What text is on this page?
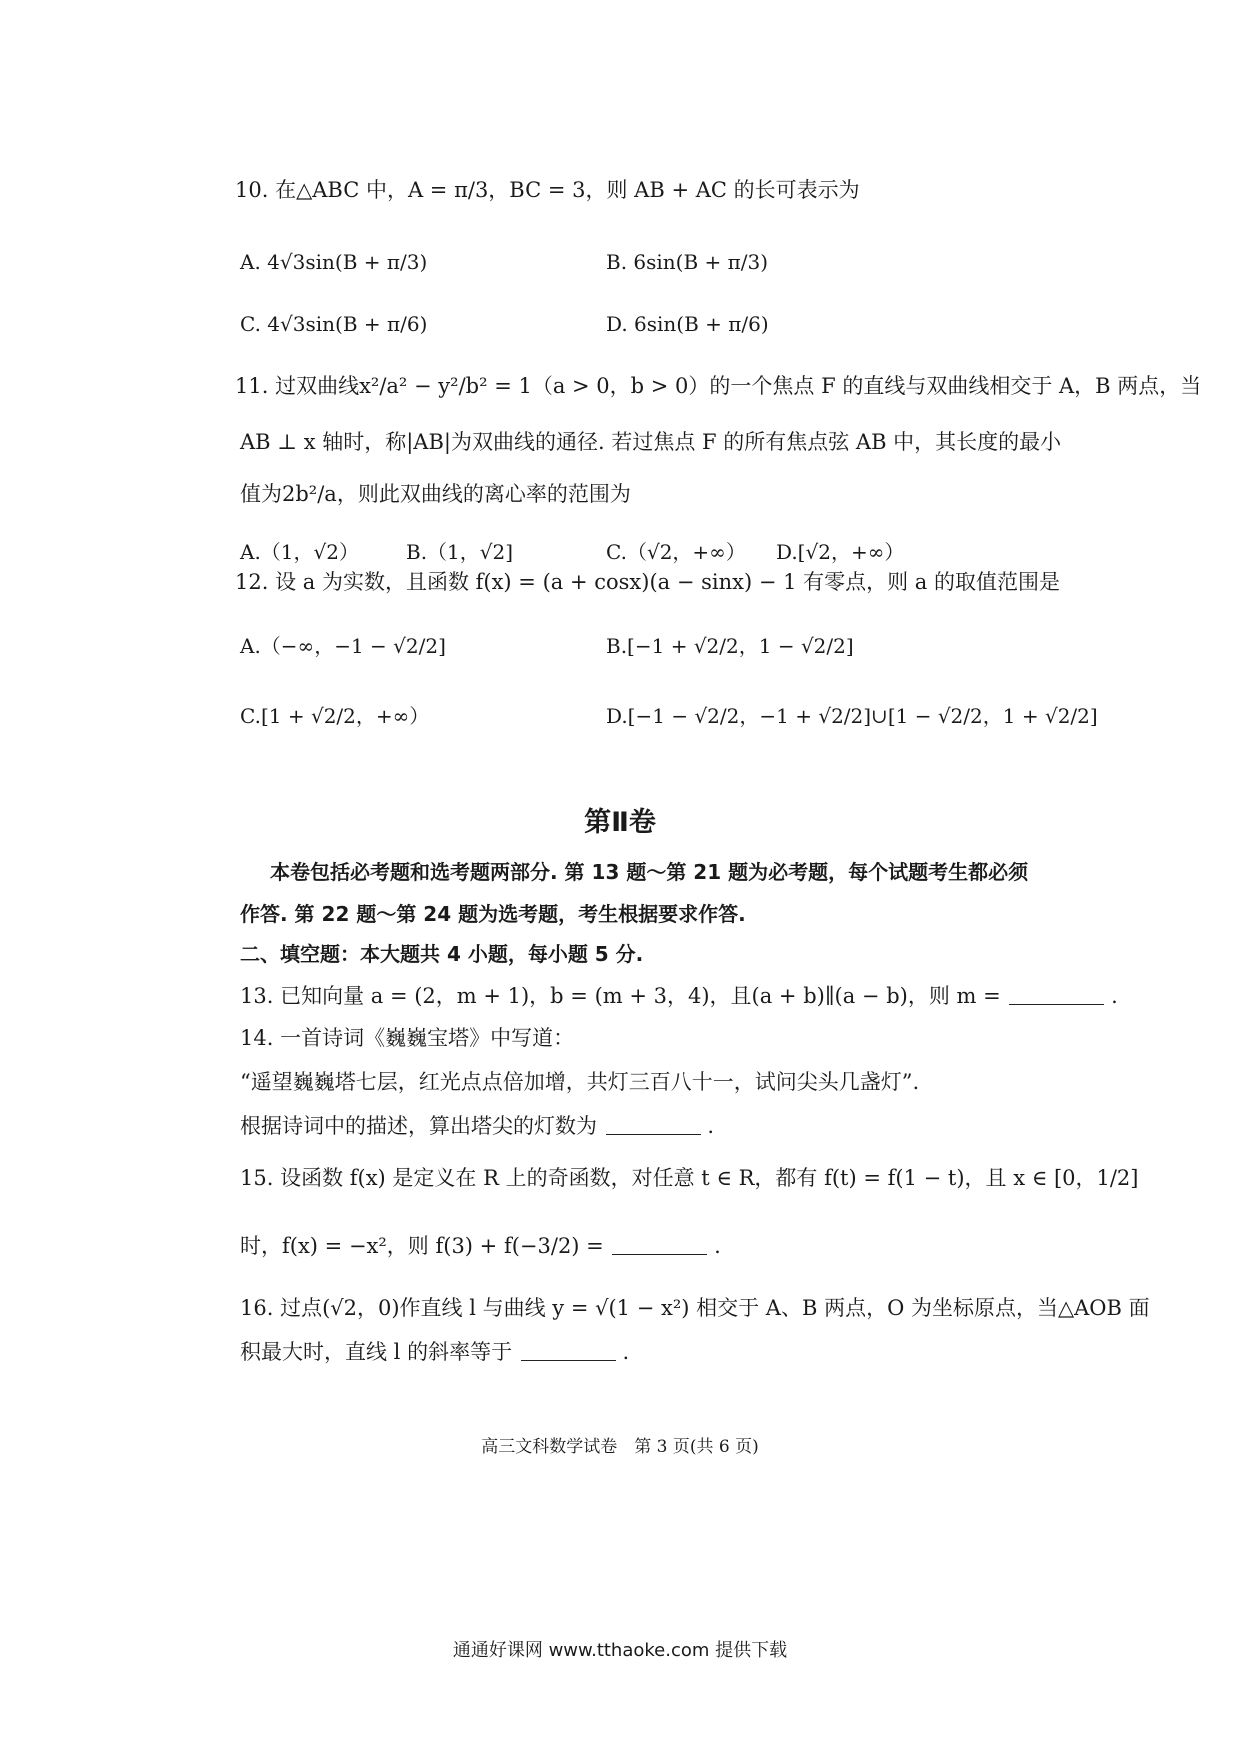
10. 在△ABC 中，A = π/3，BC = 3，则 AB + AC 的长可表示为
A. 4√3sin(B + π/3)	B. 6sin(B + π/3)
C. 4√3sin(B + π/6)	D. 6sin(B + π/6)
11. 过双曲线x²/a² − y²/b² = 1（a > 0，b > 0）的一个焦点 F 的直线与双曲线相交于 A，B 两点，当
AB ⊥ x 轴时，称|AB|为双曲线的通径. 若过焦点 F 的所有焦点弦 AB 中，其长度的最小
值为2b²/a，则此双曲线的离心率的范围为
A.（1，√2） B.（1，√2]	C.（√2，+∞） D.[√2，+∞）
12. 设 a 为实数，且函数 f(x) = (a + cosx)(a − sinx) − 1 有零点，则 a 的取值范围是
A.（−∞，−1 − √2/2]	B.[−1 + √2/2，1 − √2/2]
C.[1 + √2/2，+∞）	D.[−1 − √2/2，−1 + √2/2]∪[1 − √2/2，1 + √2/2]
第Ⅱ卷
本卷包括必考题和选考题两部分. 第 13 题～第 21 题为必考题，每个试题考生都必须
作答. 第 22 题～第 24 题为选考题，考生根据要求作答.
二、填空题：本大题共 4 小题，每小题 5 分.
13. 已知向量 a = (2，m + 1)，b = (m + 3，4)，且(a + b)∥(a − b)，则 m =	.
14. 一首诗词《巍巍宝塔》中写道：
“遥望巍巍塔七层，红光点点倍加增，共灯三百八十一，试问尖头几盏灯”.
根据诗词中的描述，算出塔尖的灯数为	.
15. 设函数 f(x) 是定义在 R 上的奇函数，对任意 t ∈ R，都有 f(t) = f(1 − t)，且 x ∈ [0，1/2]
时，f(x) = −x²，则 f(3) + f(−3/2) =	.
16. 过点(√2，0)作直线 l 与曲线 y = √(1 − x²) 相交于 A、B 两点，O 为坐标原点，当△AOB 面
积最大时，直线 l 的斜率等于	.
高三文科数学试卷　第 3 页(共 6 页)
通通好课网 www.tthaoke.com 提供下载
